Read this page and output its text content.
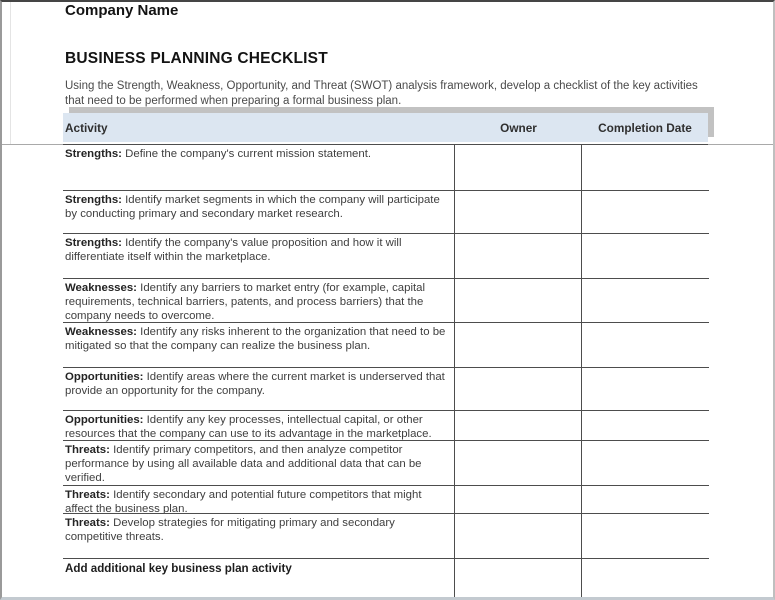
Company Name
BUSINESS PLANNING CHECKLIST
Using the Strength, Weakness, Opportunity, and Threat (SWOT) analysis framework, develop a checklist of the key activities that need to be performed when preparing a formal business plan.
Activity	Owner	Completion Date
Strengths: Define the company's current mission statement.
Strengths: Identify market segments in which the company will participate by conducting primary and secondary market research.
Strengths: Identify the company's value proposition and how it will differentiate itself within the marketplace.
Weaknesses: Identify any barriers to market entry (for example, capital requirements, technical barriers, patents, and process barriers) that the company needs to overcome.
Weaknesses: Identify any risks inherent to the organization that need to be mitigated so that the company can realize the business plan.
Opportunities: Identify areas where the current market is underserved that provide an opportunity for the company.
Opportunities: Identify any key processes, intellectual capital, or other resources that the company can use to its advantage in the marketplace.
Threats: Identify primary competitors, and then analyze competitor performance by using all available data and additional data that can be verified.
Threats: Identify secondary and potential future competitors that might affect the business plan.
Threats: Develop strategies for mitigating primary and secondary competitive threats.
Add additional key business plan activity
